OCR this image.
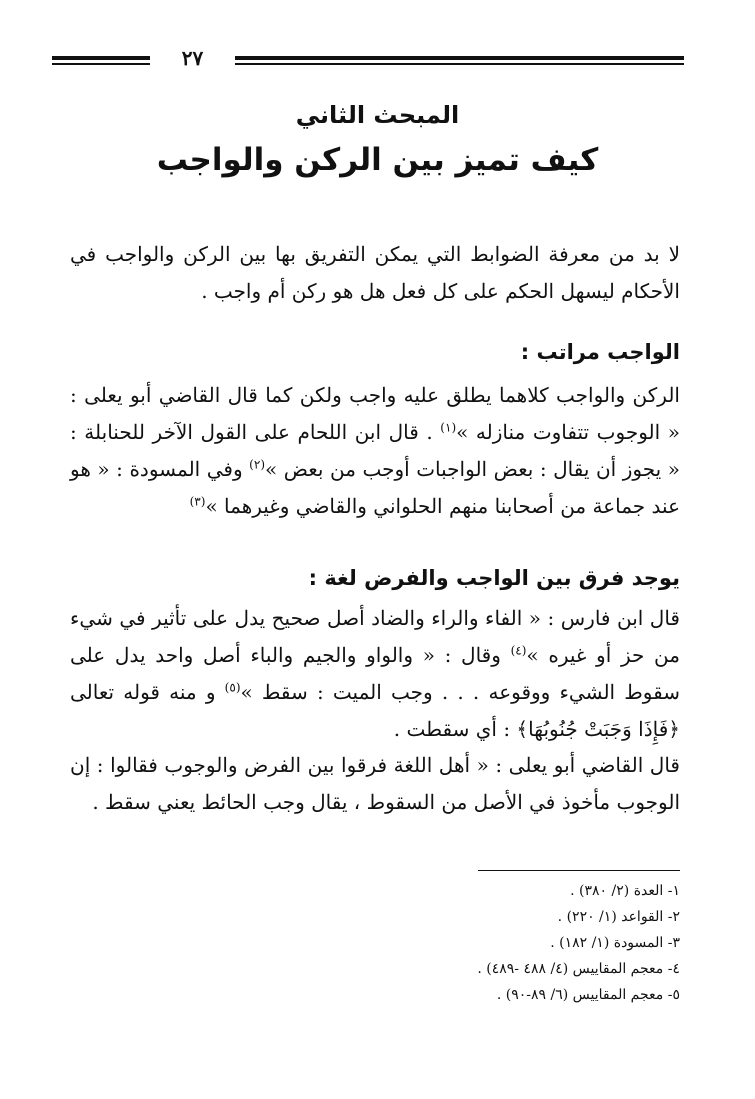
٢٧
المبحث الثاني
كيف تميز بين الركن والواجب

لا بد من معرفة الضوابط التي يمكن التفريق بها بين الركن والواجب في الأحكام ليسهل الحكم على كل فعل هل هو ركن أم واجب .

الواجب مراتب :

الركن والواجب كلاهما يطلق عليه واجب ولكن كما قال القاضي أبو يعلى : « الوجوب تتفاوت منازله »$^{(١)}$ . قال ابن اللحام على القول الآخر للحنابلة : « يجوز أن يقال : بعض الواجبات أوجب من بعض »$^{(٢)}$ وفي المسودة : « هو عند جماعة من أصحابنا منهم الحلواني والقاضي وغيرهما »$^{(٣)}$

يوجد فرق بين الواجب والفرض لغة :

قال ابن فارس : « الفاء والراء والضاد أصل صحيح يدل على تأثير في شيء من حز أو غيره »$^{(٤)}$ وقال : « والواو والجيم والباء أصل واحد يدل على سقوط الشيء ووقوعه . . . وجب الميت : سقط »$^{(٥)}$ و منه قوله تعالى ﴿فَإِذَا وَجَبَتْ جُنُوبُهَا﴾ : أي سقطت .

قال القاضي أبو يعلى : « أهل اللغة فرقوا بين الفرض والوجوب فقالوا : إن الوجوب مأخوذ في الأصل من السقوط ، يقال وجب الحائط يعني سقط .

١- العدة (٢/ ٣٨٠) .
٢- القواعد (١/ ٢٢٠) .
٣- المسودة (١/ ١٨٢) .
٤- معجم المقاييس (٤/ ٤٨٨ -٤٨٩) .
٥- معجم المقاييس (٦/ ٨٩-٩٠) .
